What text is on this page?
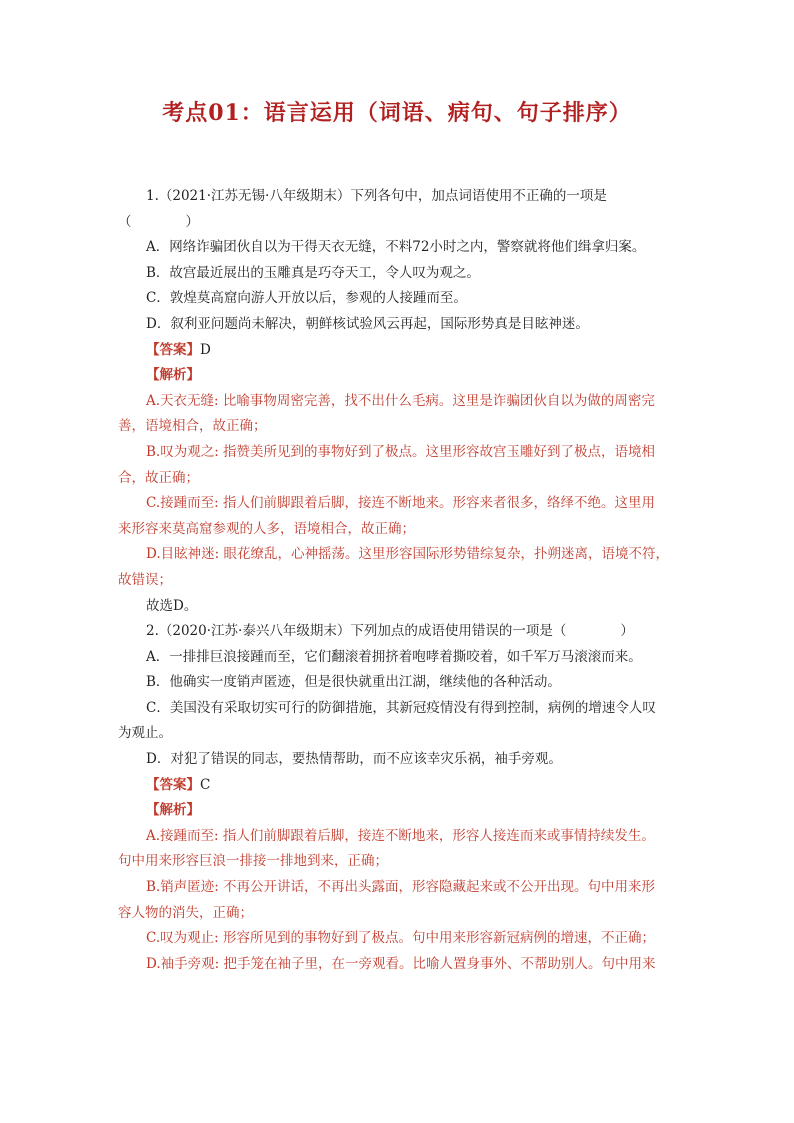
考点01：语言运用（词语、病句、句子排序）

1.（2021·江苏无锡·八年级期末）下列各句中，加点词语使用不正确的一项是

（　　　　）

A．网络诈骗团伙自以为干得天衣无缝，不料72小时之内，警察就将他们缉拿归案。

B．故宫最近展出的玉雕真是巧夺天工，令人叹为观之。

C．敦煌莫高窟向游人开放以后，参观的人接踵而至。

D．叙利亚问题尚未解决，朝鲜核试验风云再起，国际形势真是目眩神迷。

【答案】D

【解析】

A.天衣无缝: 比喻事物周密完善，找不出什么毛病。这里是诈骗团伙自以为做的周密完

善，语境相合，故正确；

B.叹为观之: 指赞美所见到的事物好到了极点。这里形容故宫玉雕好到了极点，语境相

合，故正确；

C.接踵而至: 指人们前脚跟着后脚，接连不断地来。形容来者很多，络绎不绝。这里用

来形容来莫高窟参观的人多，语境相合，故正确；

D.目眩神迷: 眼花缭乱，心神摇荡。这里形容国际形势错综复杂，扑朔迷离，语境不符，

故错误；

故选D。

2.（2020·江苏·泰兴八年级期末）下列加点的成语使用错误的一项是（　　　　）

A．一排排巨浪接踵而至，它们翻滚着拥挤着咆哮着撕咬着，如千军万马滚滚而来。

B．他确实一度销声匿迹，但是很快就重出江湖，继续他的各种活动。

C．美国没有采取切实可行的防御措施，其新冠疫情没有得到控制，病例的增速令人叹

为观止。

D．对犯了错误的同志，要热情帮助，而不应该幸灾乐祸，袖手旁观。

【答案】C

【解析】

A.接踵而至: 指人们前脚跟着后脚，接连不断地来，形容人接连而来或事情持续发生。

句中用来形容巨浪一排接一排地到来，正确；

B.销声匿迹: 不再公开讲话，不再出头露面，形容隐藏起来或不公开出现。句中用来形

容人物的消失，正确；

C.叹为观止: 形容所见到的事物好到了极点。句中用来形容新冠病例的增速，不正确；

D.袖手旁观: 把手笼在袖子里，在一旁观看。比喻人置身事外、不帮助别人。句中用来
